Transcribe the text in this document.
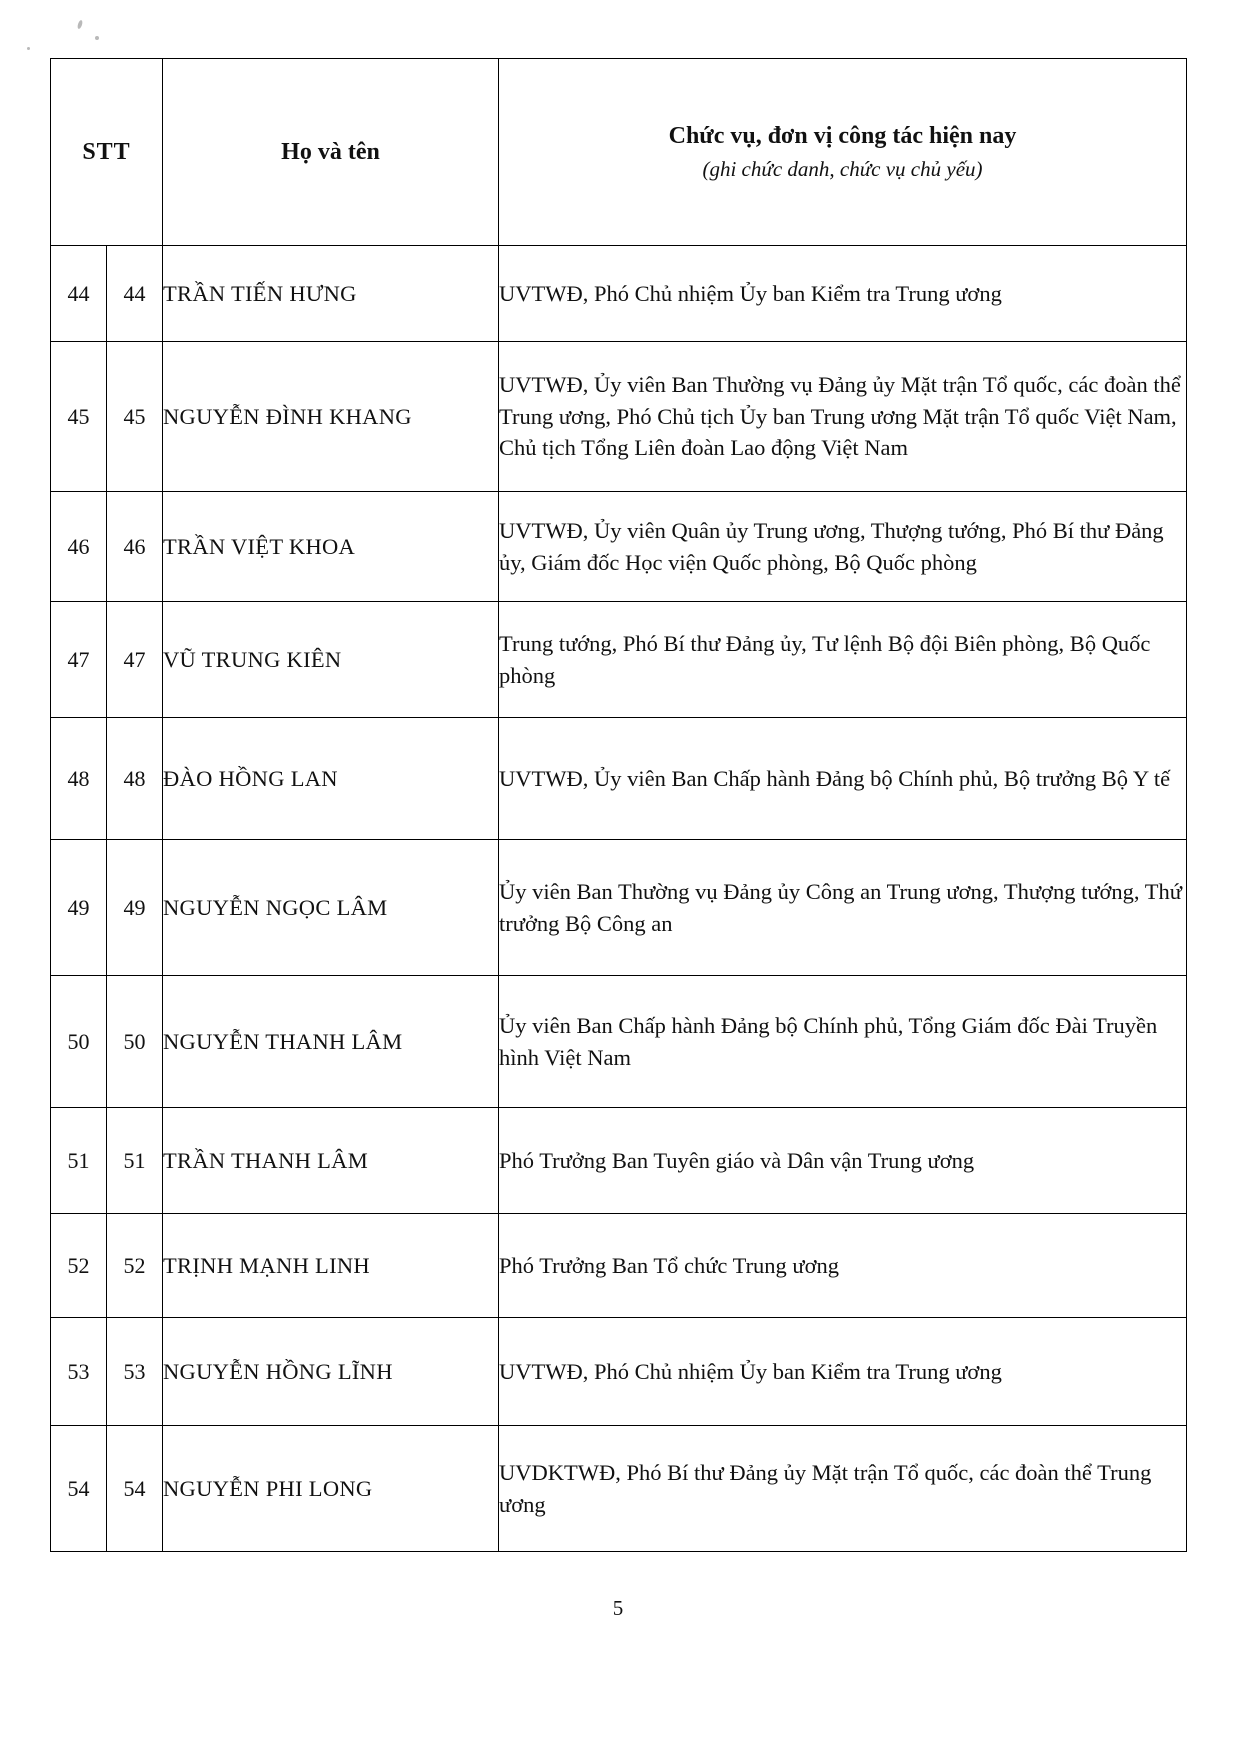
STT		Họ và tên	Chức vụ, đơn vị công tác hiện nay
(ghi chức danh, chức vụ chủ yếu)

44	44	TRẦN TIẾN HƯNG	UVTWĐ, Phó Chủ nhiệm Ủy ban Kiểm tra Trung ương
45	45	NGUYỄN ĐÌNH KHANG	UVTWĐ, Ủy viên Ban Thường vụ Đảng ủy Mặt trận Tổ quốc, các đoàn thể Trung ương, Phó Chủ tịch Ủy ban Trung ương Mặt trận Tổ quốc Việt Nam, Chủ tịch Tổng Liên đoàn Lao động Việt Nam
46	46	TRẦN VIỆT KHOA	UVTWĐ, Ủy viên Quân ủy Trung ương, Thượng tướng, Phó Bí thư Đảng ủy, Giám đốc Học viện Quốc phòng, Bộ Quốc phòng
47	47	VŨ TRUNG KIÊN	Trung tướng, Phó Bí thư Đảng ủy, Tư lệnh Bộ đội Biên phòng, Bộ Quốc phòng
48	48	ĐÀO HỒNG LAN	UVTWĐ, Ủy viên Ban Chấp hành Đảng bộ Chính phủ, Bộ trưởng Bộ Y tế
49	49	NGUYỄN NGỌC LÂM	Ủy viên Ban Thường vụ Đảng ủy Công an Trung ương, Thượng tướng, Thứ trưởng Bộ Công an
50	50	NGUYỄN THANH LÂM	Ủy viên Ban Chấp hành Đảng bộ Chính phủ, Tổng Giám đốc Đài Truyền hình Việt Nam
51	51	TRẦN THANH LÂM	Phó Trưởng Ban Tuyên giáo và Dân vận Trung ương
52	52	TRỊNH MẠNH LINH	Phó Trưởng Ban Tổ chức Trung ương
53	53	NGUYỄN HỒNG LĨNH	UVTWĐ, Phó Chủ nhiệm Ủy ban Kiểm tra Trung ương
54	54	NGUYỄN PHI LONG	UVDKTWĐ, Phó Bí thư Đảng ủy Mặt trận Tổ quốc, các đoàn thể Trung ương
5
